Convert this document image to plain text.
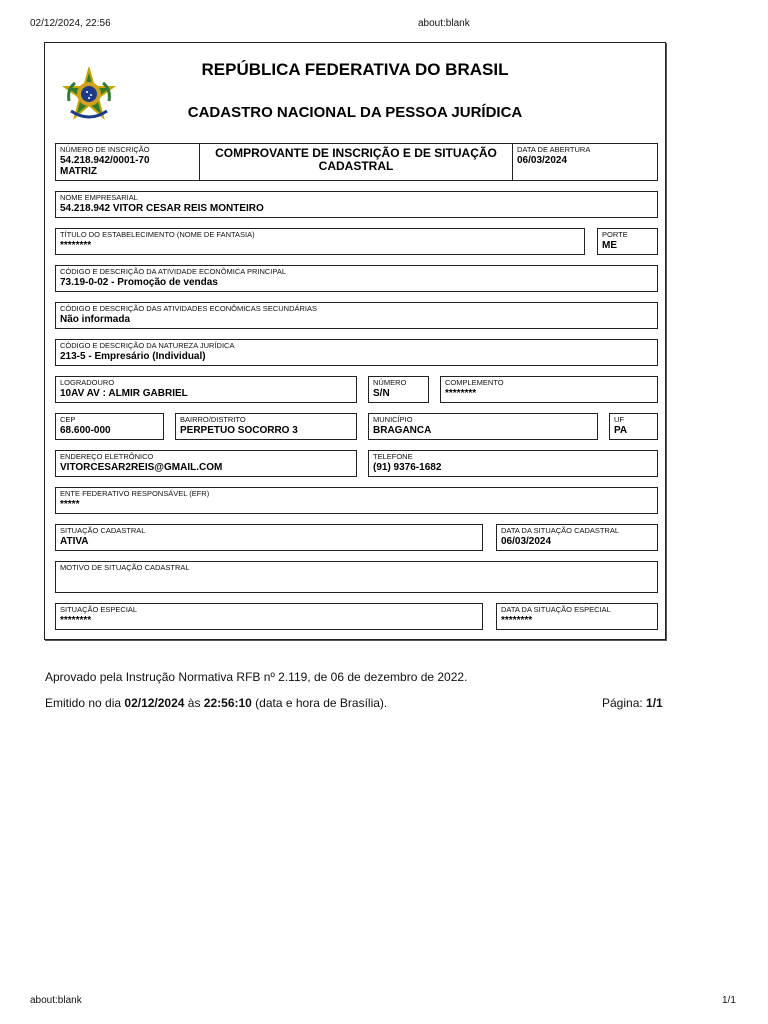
02/12/2024, 22:56	about:blank
REPÚBLICA FEDERATIVA DO BRASIL
CADASTRO NACIONAL DA PESSOA JURÍDICA
NÚMERO DE INSCRIÇÃO
54.218.942/0001-70
MATRIZ
COMPROVANTE DE INSCRIÇÃO E DE SITUAÇÃO CADASTRAL
DATA DE ABERTURA
06/03/2024
NOME EMPRESARIAL
54.218.942 VITOR CESAR REIS MONTEIRO
TÍTULO DO ESTABELECIMENTO (NOME DE FANTASIA)
********
PORTE
ME
CÓDIGO E DESCRIÇÃO DA ATIVIDADE ECONÔMICA PRINCIPAL
73.19-0-02 - Promoção de vendas
CÓDIGO E DESCRIÇÃO DAS ATIVIDADES ECONÔMICAS SECUNDÁRIAS
Não informada
CÓDIGO E DESCRIÇÃO DA NATUREZA JURÍDICA
213-5 - Empresário (Individual)
LOGRADOURO
10AV AV : ALMIR GABRIEL
NÚMERO
S/N
COMPLEMENTO
********
CEP
68.600-000
BAIRRO/DISTRITO
PERPETUO SOCORRO 3
MUNICÍPIO
BRAGANCA
UF
PA
ENDEREÇO ELETRÔNICO
VITORCESAR2REIS@GMAIL.COM
TELEFONE
(91) 9376-1682
ENTE FEDERATIVO RESPONSÁVEL (EFR)
*****
SITUAÇÃO CADASTRAL
ATIVA
DATA DA SITUAÇÃO CADASTRAL
06/03/2024
MOTIVO DE SITUAÇÃO CADASTRAL
SITUAÇÃO ESPECIAL
********
DATA DA SITUAÇÃO ESPECIAL
********
Aprovado pela Instrução Normativa RFB nº 2.119, de 06 de dezembro de 2022.
Emitido no dia 02/12/2024 às 22:56:10 (data e hora de Brasília).	Página: 1/1
about:blank	1/1
